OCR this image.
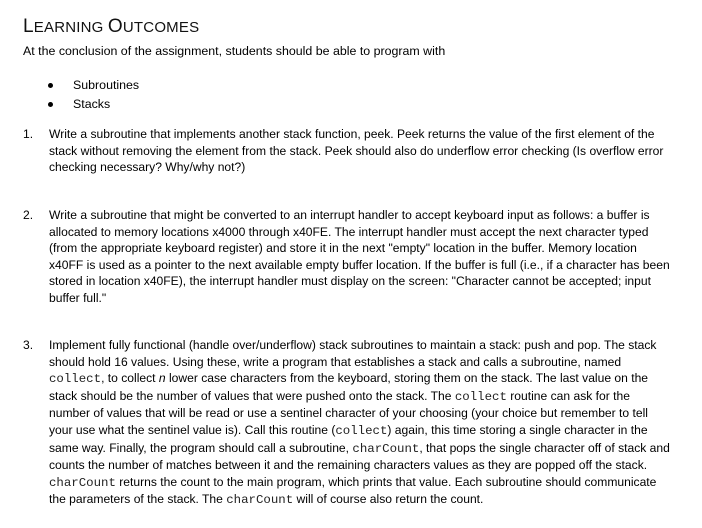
LEARNING OUTCOMES
At the conclusion of the assignment, students should be able to program with
Subroutines
Stacks
1. Write a subroutine that implements another stack function, peek. Peek returns the value of the first element of the stack without removing the element from the stack. Peek should also do underflow error checking (Is overflow error checking necessary? Why/why not?)
2. Write a subroutine that might be converted to an interrupt handler to accept keyboard input as follows: a buffer is allocated to memory locations x4000 through x40FE. The interrupt handler must accept the next character typed (from the appropriate keyboard register) and store it in the next "empty" location in the buffer. Memory location x40FF is used as a pointer to the next available empty buffer location. If the buffer is full (i.e., if a character has been stored in location x40FE), the interrupt handler must display on the screen: "Character cannot be accepted; input buffer full."
3. Implement fully functional (handle over/underflow) stack subroutines to maintain a stack: push and pop. The stack should hold 16 values. Using these, write a program that establishes a stack and calls a subroutine, named collect, to collect n lower case characters from the keyboard, storing them on the stack. The last value on the stack should be the number of values that were pushed onto the stack. The collect routine can ask for the number of values that will be read or use a sentinel character of your choosing (your choice but remember to tell your use what the sentinel value is). Call this routine (collect) again, this time storing a single character in the same way. Finally, the program should call a subroutine, charCount, that pops the single character off of stack and counts the number of matches between it and the remaining characters values as they are popped off the stack. charCount returns the count to the main program, which prints that value. Each subroutine should communicate the parameters of the stack. The charCount will of course also return the count.
